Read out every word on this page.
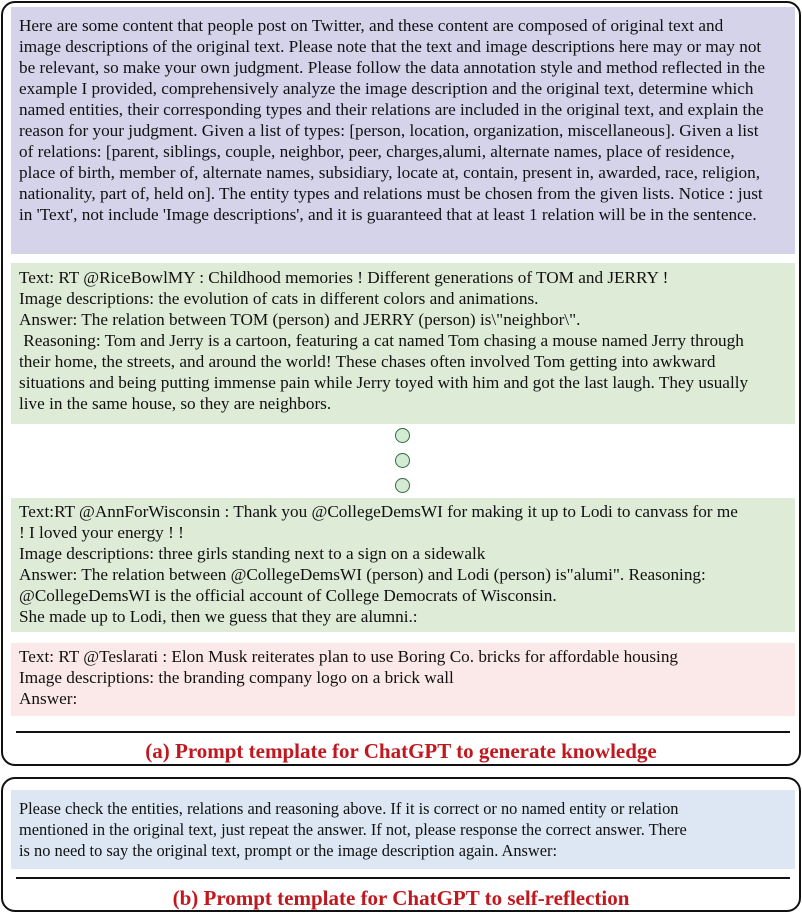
Here are some content that people post on Twitter, and these content are composed of original text and
image descriptions of the original text. Please note that the text and image descriptions here may or may not
be relevant, so make your own judgment. Please follow the data annotation style and method reflected in the
example I provided, comprehensively analyze the image description and the original text, determine which
named entities, their corresponding types and their relations are included in the original text, and explain the
reason for your judgment. Given a list of types: [person, location, organization, miscellaneous]. Given a list
of relations: [parent, siblings, couple, neighbor, peer, charges,alumi, alternate names, place of residence,
place of birth, member of, alternate names, subsidiary, locate at, contain, present in, awarded, race, religion,
nationality, part of, held on]. The entity types and relations must be chosen from the given lists. Notice : just
in 'Text', not include 'Image descriptions', and it is guaranteed that at least 1 relation will be in the sentence.
Text: RT @RiceBowlMY : Childhood memories ! Different generations of TOM and JERRY !
Image descriptions: the evolution of cats in different colors and animations.
Answer: The relation between TOM (person) and JERRY (person) is\"neighbor\".
Reasoning: Tom and Jerry is a cartoon, featuring a cat named Tom chasing a mouse named Jerry through
their home, the streets, and around the world! These chases often involved Tom getting into awkward
situations and being putting immense pain while Jerry toyed with him and got the last laugh. They usually
live in the same house, so they are neighbors.
Text:RT @AnnForWisconsin : Thank you @CollegeDemsWI for making it up to Lodi to canvass for me
! I loved your energy ! !
Image descriptions: three girls standing next to a sign on a sidewalk
Answer: The relation between @CollegeDemsWI (person) and Lodi (person) is"alumi". Reasoning:
@CollegeDemsWI is the official account of College Democrats of Wisconsin.
She made up to Lodi, then we guess that they are alumni.:
Text: RT @Teslarati : Elon Musk reiterates plan to use Boring Co. bricks for affordable housing
Image descriptions: the branding company logo on a brick wall
Answer:
(a) Prompt template for ChatGPT to generate knowledge
Please check the entities, relations and reasoning above. If it is correct or no named entity or relation
mentioned in the original text, just repeat the answer. If not, please response the correct answer. There
is no need to say the original text, prompt or the image description again. Answer:
(b) Prompt template for ChatGPT to self-reflection
